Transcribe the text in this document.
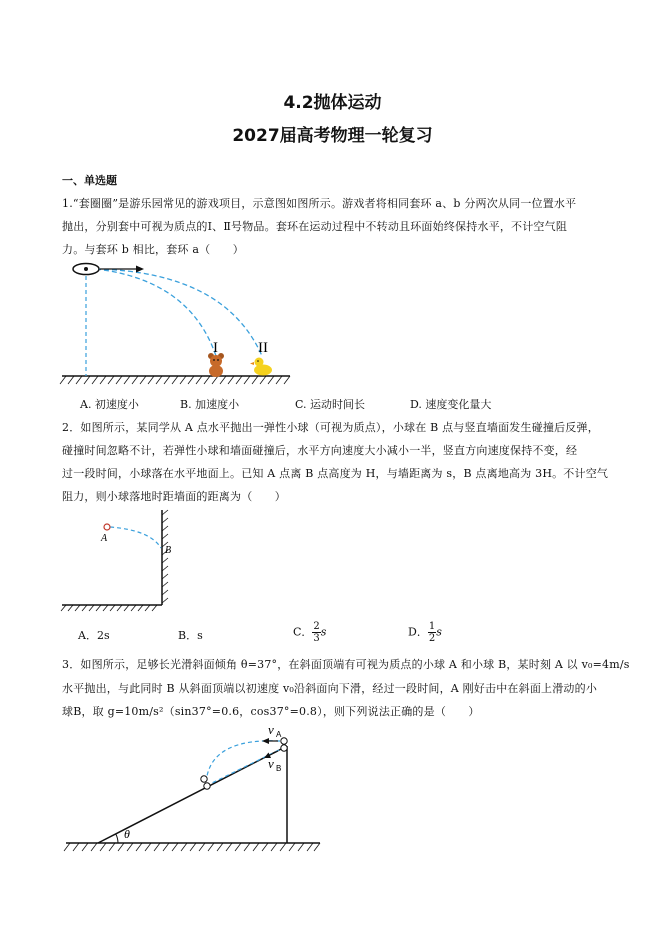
4.2抛体运动
2027届高考物理一轮复习
一、单选题
1.“套圈圈”是游乐园常见的游戏项目，示意图如图所示。游戏者将相同套环 a、b 分两次从同一位置水平
抛出，分别套中可视为质点的Ⅰ、Ⅱ号物品。套环在运动过程中不转动且环面始终保持水平，不计空气阻
力。与套环 b 相比，套环 a（　　）
I	II
A. 初速度小	B. 加速度小	C. 运动时间长	D. 速度变化量大
2．如图所示，某同学从 A 点水平抛出一弹性小球（可视为质点），小球在 B 点与竖直墙面发生碰撞后反弹，
碰撞时间忽略不计，若弹性小球和墙面碰撞后，水平方向速度大小减小一半，竖直方向速度保持不变，经
过一段时间，小球落在水平地面上。已知 A 点离 B 点高度为 H，与墙距离为 s，B 点离地高为 3H。不计空气
阻力，则小球落地时距墙面的距离为（　　）
A
B
A．2s	B．s	C． $\frac{2}{3}$ s	D． $\frac{1}{2}$ s
3．如图所示，足够长光滑斜面倾角 θ=37°，在斜面顶端有可视为质点的小球 A 和小球 B，某时刻 A 以 v₀=4m/s
水平抛出，与此同时 B 从斜面顶端以初速度 v₀沿斜面向下滑，经过一段时间，A 刚好击中在斜面上滑动的小
球B，取 g=10m/s²（sin37°=0.6，cos37°=0.8），则下列说法正确的是（　　）
θ
v A
v B
